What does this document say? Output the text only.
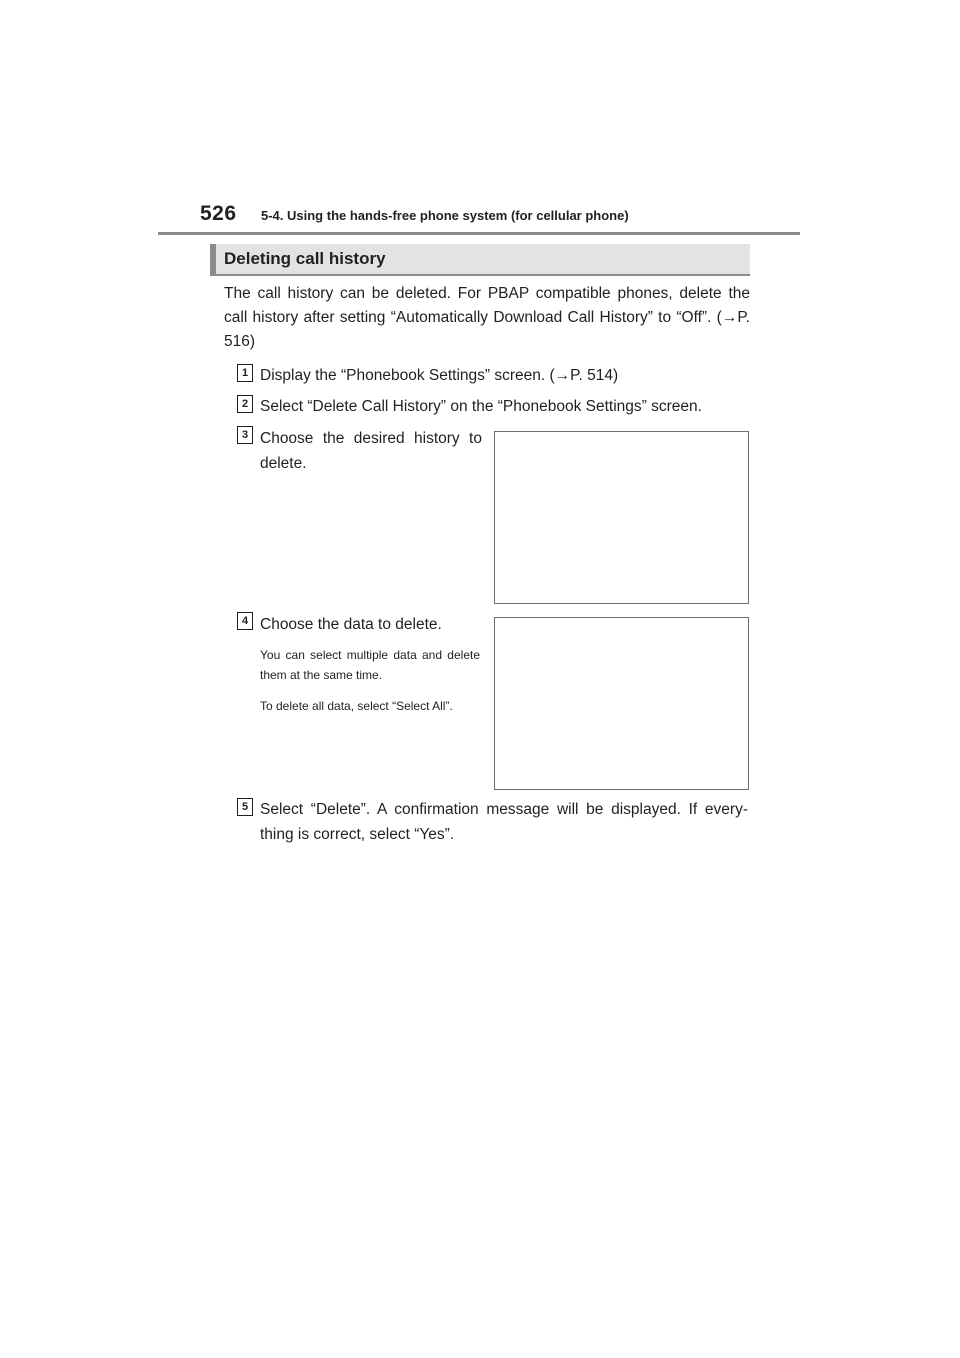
526 5-4. Using the hands-free phone system (for cellular phone)
Deleting call history
The call history can be deleted. For PBAP compatible phones, delete the call history after setting “Automatically Download Call History” to “Off”. (→P. 516)
1 Display the “Phonebook Settings” screen. (→P. 514)
2 Select “Delete Call History” on the “Phonebook Settings” screen.
3 Choose the desired history to delete.
4 Choose the data to delete.
You can select multiple data and delete them at the same time.
To delete all data, select “Select All”.
5 Select “Delete”. A confirmation message will be displayed. If every- thing is correct, select “Yes”.
